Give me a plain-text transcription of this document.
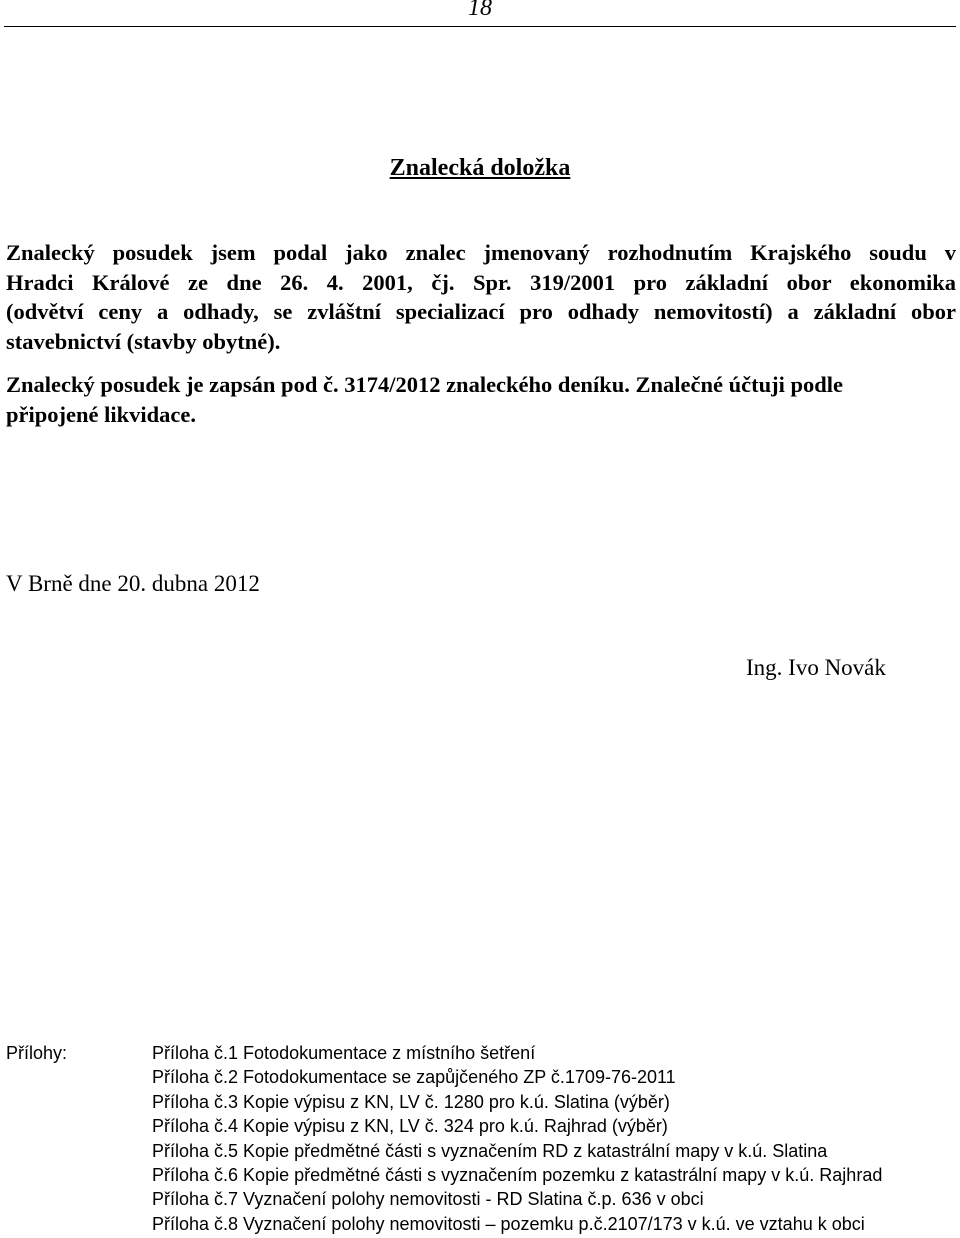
18
Znalecká doložka
Znalecký posudek jsem podal jako znalec jmenovaný rozhodnutím Krajského soudu v
Hradci Králové ze dne 26. 4. 2001, čj. Spr. 319/2001 pro základní obor ekonomika
(odvětví ceny a odhady, se zvláštní specializací pro odhady nemovitostí) a základní obor
stavebnictví (stavby obytné).
Znalecký posudek je zapsán pod č. 3174/2012 znaleckého deníku. Znalečné účtuji podle
připojené likvidace.
V Brně dne 20. dubna 2012
Ing. Ivo Novák
Přílohy:	Příloha č.1 Fotodokumentace z místního šetření
Příloha č.2 Fotodokumentace se zapůjčeného ZP č.1709-76-2011
Příloha č.3 Kopie výpisu z KN, LV č. 1280 pro k.ú. Slatina (výběr)
Příloha č.4 Kopie výpisu z KN, LV č. 324 pro k.ú. Rajhrad (výběr)
Příloha č.5 Kopie předmětné části s vyznačením RD z katastrální mapy v k.ú. Slatina
Příloha č.6 Kopie předmětné části s vyznačením pozemku z katastrální mapy v k.ú. Rajhrad
Příloha č.7 Vyznačení polohy nemovitosti - RD Slatina č.p. 636 v obci
Příloha č.8 Vyznačení polohy nemovitosti – pozemku p.č.2107/173 v k.ú. ve vztahu k obci
